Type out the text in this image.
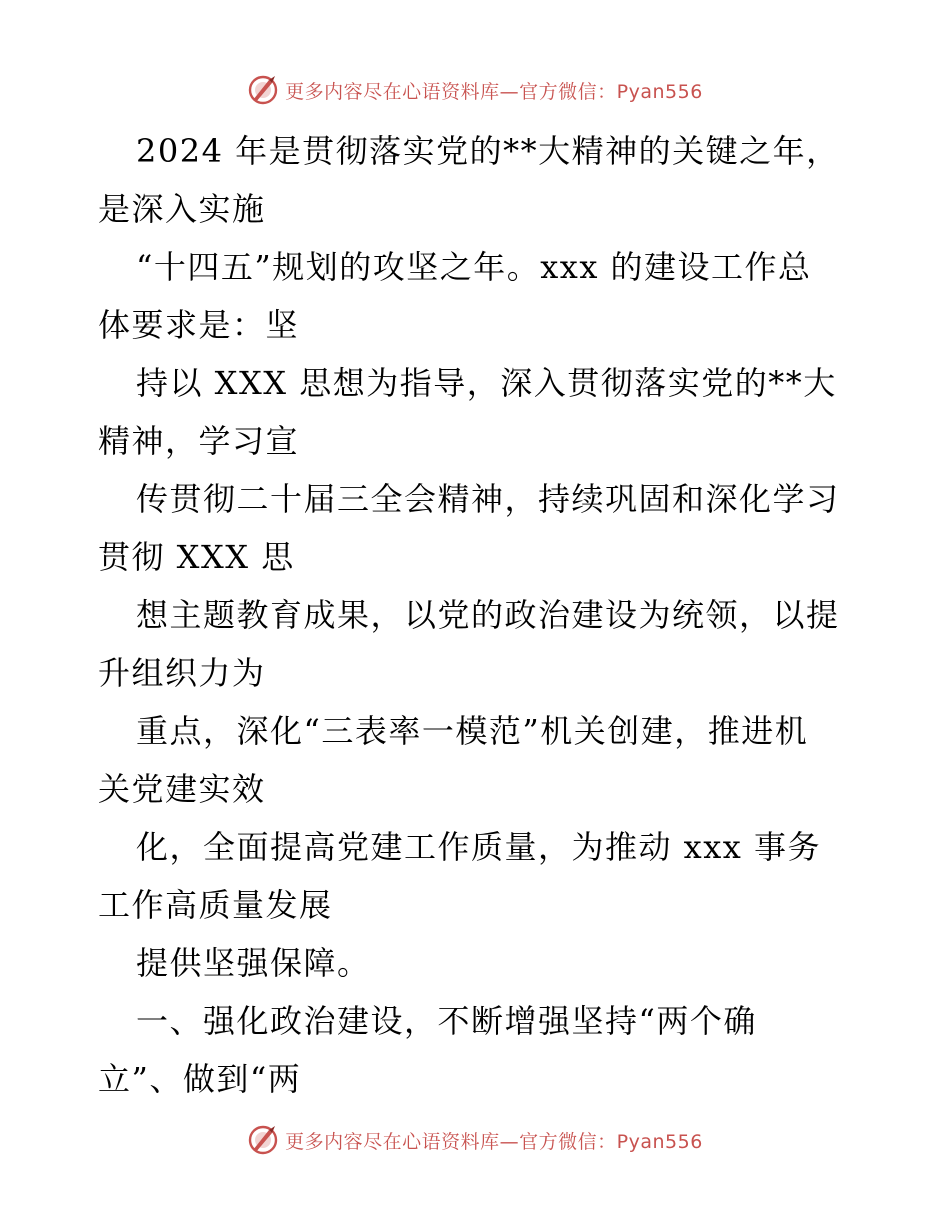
更多内容尽在心语资料库—官方微信：Pyan556
2024 年是贯彻落实党的**大精神的关键之年，
是深入实施
“十四五”规划的攻坚之年。xxx 的建设工作总
体要求是：坚
持以 XXX 思想为指导，深入贯彻落实党的**大
精神，学习宣
传贯彻二十届三全会精神，持续巩固和深化学习
贯彻 XXX 思
想主题教育成果，以党的政治建设为统领，以提
升组织力为
重点，深化“三表率一模范”机关创建，推进机
关党建实效
化，全面提高党建工作质量，为推动 xxx 事务
工作高质量发展
提供坚强保障。
一、强化政治建设，不断增强坚持“两个确
立”、做到“两
更多内容尽在心语资料库—官方微信：Pyan556
